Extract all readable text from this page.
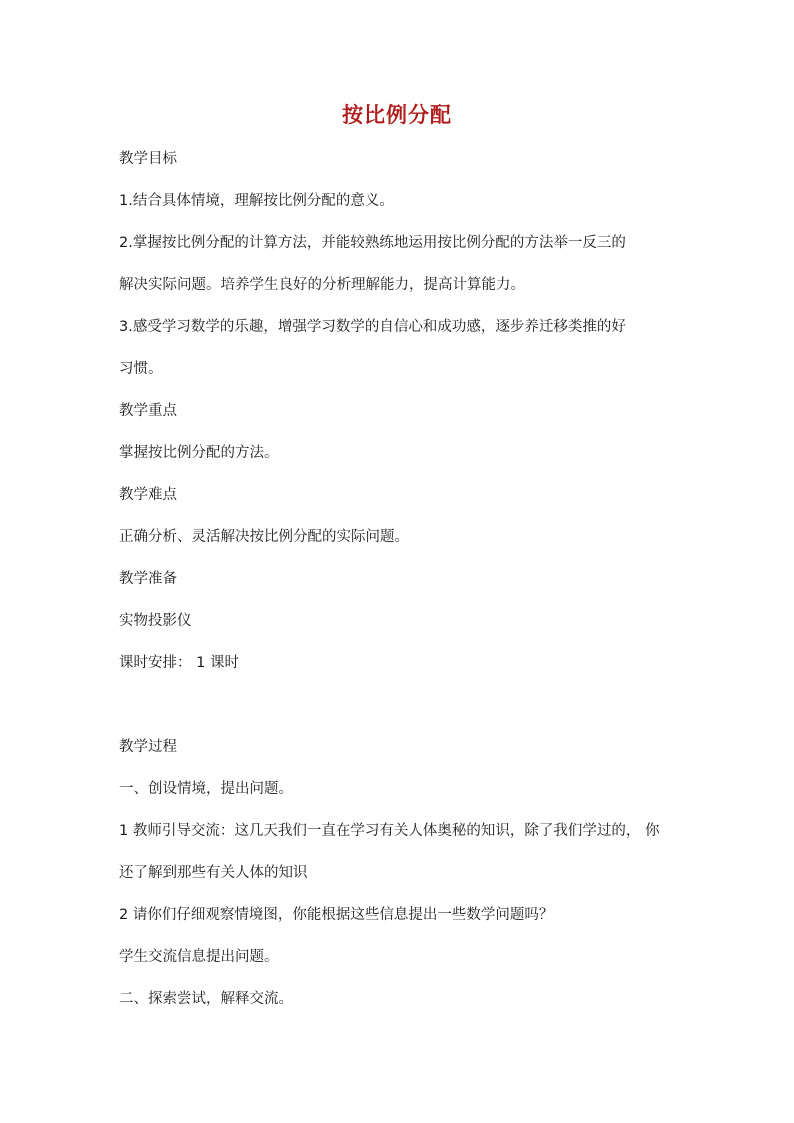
按比例分配
教学目标
1.结合具体情境，理解按比例分配的意义。
2.掌握按比例分配的计算方法，并能较熟练地运用按比例分配的方法举一反三的
解决实际问题。培养学生良好的分析理解能力，提高计算能力。
3.感受学习数学的乐趣，增强学习数学的自信心和成功感，逐步养迁移类推的好
习惯。
教学重点
掌握按比例分配的方法。
教学难点
正确分析、灵活解决按比例分配的实际问题。
教学准备
实物投影仪
课时安排： 1 课时
教学过程
一、创设情境，提出问题。
1 教师引导交流：这几天我们一直在学习有关人体奥秘的知识，除了我们学过的， 你
还了解到那些有关人体的知识
2 请你们仔细观察情境图，你能根据这些信息提出一些数学问题吗？
学生交流信息提出问题。
二、探索尝试，解释交流。
